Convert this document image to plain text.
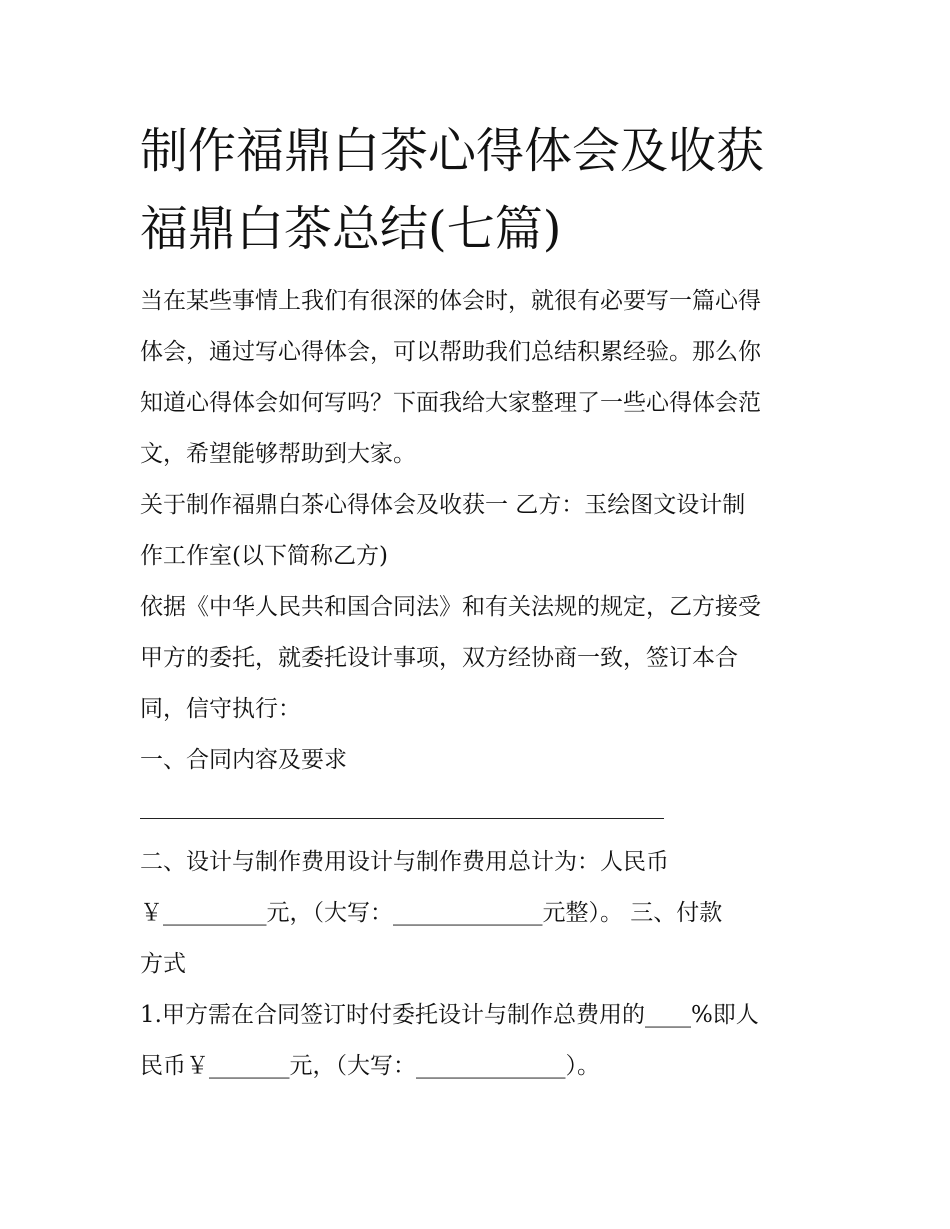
制作福鼎白茶心得体会及收获
福鼎白茶总结(七篇)
当在某些事情上我们有很深的体会时，就很有必要写一篇心得
体会，通过写心得体会，可以帮助我们总结积累经验。那么你
知道心得体会如何写吗？下面我给大家整理了一些心得体会范
文，希望能够帮助到大家。
关于制作福鼎白茶心得体会及收获一 乙方：玉绘图文设计制
作工作室(以下简称乙方)
依据《中华人民共和国合同法》和有关法规的规定，乙方接受
甲方的委托，就委托设计事项，双方经协商一致，签订本合
同，信守执行：
一、合同内容及要求
二、设计与制作费用设计与制作费用总计为：人民币
￥_________元，（大写：_____________元整）。 三、付款
方式
1.甲方需在合同签订时付委托设计与制作总费用的____%即人
民币￥_______元，（大写：_____________）。
